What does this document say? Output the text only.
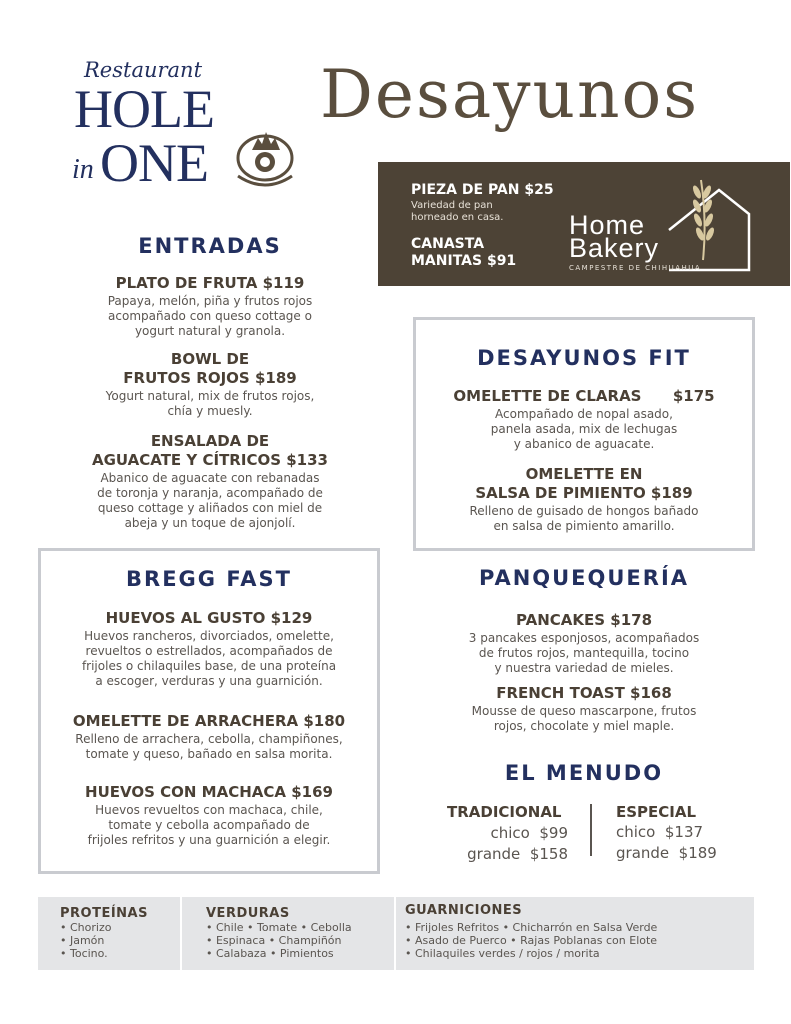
Restaurant
HOLE
in ONE
Desayunos
PIEZA DE PAN $25
Variedad de pan
horneado en casa.
CANASTA
MANITAS $91
Home
Bakery
CAMPESTRE DE CHIHUAHUA
ENTRADAS
PLATO DE FRUTA $119
Papaya, melón, piña y frutos rojos
acompañado con queso cottage o
yogurt natural y granola.
BOWL DE
FRUTOS ROJOS $189
Yogurt natural, mix de frutos rojos,
chía y muesly.
ENSALADA DE
AGUACATE Y CÍTRICOS $133
Abanico de aguacate con rebanadas
de toronja y naranja, acompañado de
queso cottage y aliñados con miel de
abeja y un toque de ajonjolí.
DESAYUNOS FIT
OMELETTE DE CLARAS      $175
Acompañado de nopal asado,
panela asada, mix de lechugas
y abanico de aguacate.
OMELETTE EN
SALSA DE PIMIENTO $189
Relleno de guisado de hongos bañado
en salsa de pimiento amarillo.
BREGG FAST
HUEVOS AL GUSTO $129
Huevos rancheros, divorciados, omelette,
revueltos o estrellados, acompañados de
frijoles o chilaquiles base, de una proteína
a escoger, verduras y una guarnición.
OMELETTE DE ARRACHERA $180
Relleno de arrachera, cebolla, champiñones,
tomate y queso, bañado en salsa morita.
HUEVOS CON MACHACA $169
Huevos revueltos con machaca, chile,
tomate y cebolla acompañado de
frijoles refritos y una guarnición a elegir.
PANQUEQUERÍA
PANCAKES $178
3 pancakes esponjosos, acompañados
de frutos rojos, mantequilla, tocino
y nuestra variedad de mieles.
FRENCH TOAST $168
Mousse de queso mascarpone, frutos
rojos, chocolate y miel maple.
EL MENUDO
TRADICIONAL
chico  $99
grande  $158
ESPECIAL
chico  $137
grande  $189
PROTEÍNAS
• Chorizo
• Jamón
• Tocino.
VERDURAS
• Chile • Tomate • Cebolla
• Espinaca • Champiñón
• Calabaza • Pimientos
GUARNICIONES
• Frijoles Refritos • Chicharrón en Salsa Verde
• Asado de Puerco • Rajas Poblanas con Elote
• Chilaquiles verdes / rojos / morita
